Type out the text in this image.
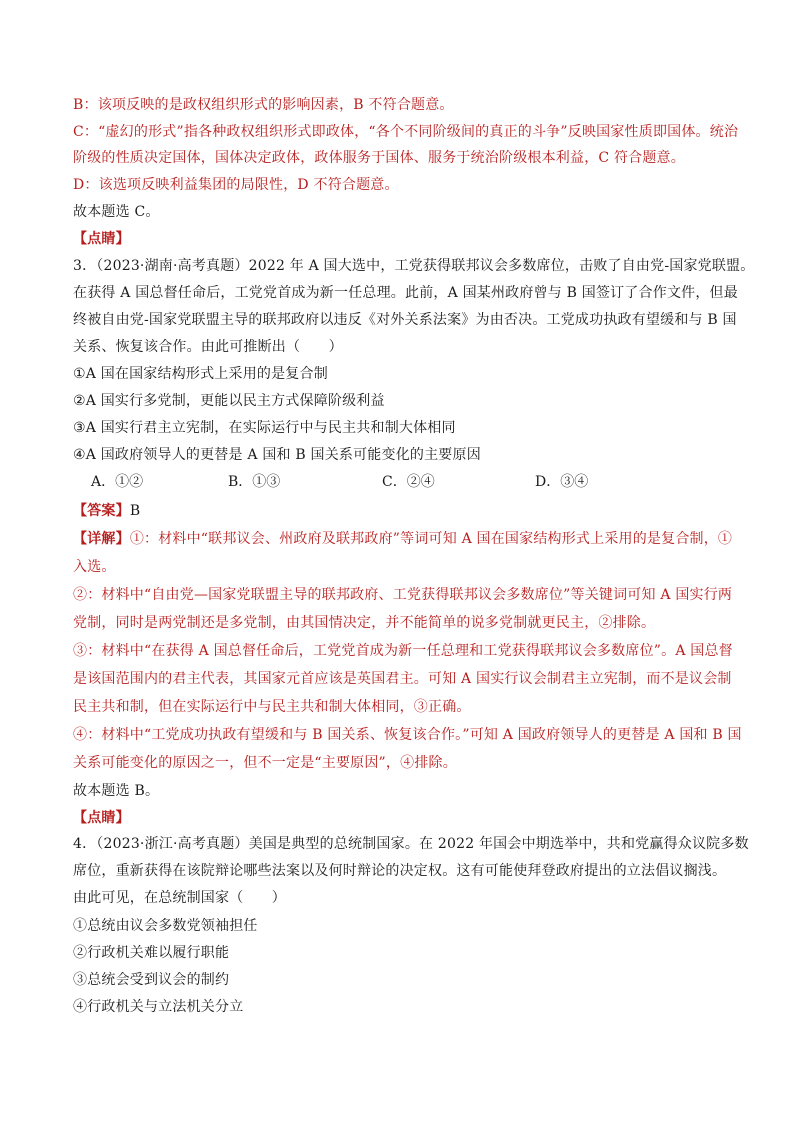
B：该项反映的是政权组织形式的影响因素，B 不符合题意。
C：“虚幻的形式”指各种政权组织形式即政体，“各个不同阶级间的真正的斗争”反映国家性质即国体。统治
阶级的性质决定国体，国体决定政体，政体服务于国体、服务于统治阶级根本利益，C 符合题意。
D：该选项反映利益集团的局限性，D 不符合题意。
故本题选 C。
【点睛】
3．（2023·湖南·高考真题）2022 年 A 国大选中，工党获得联邦议会多数席位，击败了自由党-国家党联盟。
在获得 A 国总督任命后，工党党首成为新一任总理。此前，A 国某州政府曾与 B 国签订了合作文件，但最
终被自由党-国家党联盟主导的联邦政府以违反《对外关系法案》为由否决。工党成功执政有望缓和与 B 国
关系、恢复该合作。由此可推断出（　　）
①A 国在国家结构形式上采用的是复合制
②A 国实行多党制，更能以民主方式保障阶级利益
③A 国实行君主立宪制，在实际运行中与民主共和制大体相同
④A 国政府领导人的更替是 A 国和 B 国关系可能变化的主要原因
A．①②	B．①③	C．②④	D．③④
【答案】B
【详解】①：材料中“联邦议会、州政府及联邦政府”等词可知 A 国在国家结构形式上采用的是复合制，①
入选。
②：材料中“自由党—国家党联盟主导的联邦政府、工党获得联邦议会多数席位”等关键词可知 A 国实行两
党制，同时是两党制还是多党制，由其国情决定，并不能简单的说多党制就更民主，②排除。
③：材料中“在获得 A 国总督任命后，工党党首成为新一任总理和工党获得联邦议会多数席位”。A 国总督
是该国范围内的君主代表，其国家元首应该是英国君主。可知 A 国实行议会制君主立宪制，而不是议会制
民主共和制，但在实际运行中与民主共和制大体相同，③正确。
④：材料中“工党成功执政有望缓和与 B 国关系、恢复该合作。”可知 A 国政府领导人的更替是 A 国和 B 国
关系可能变化的原因之一，但不一定是“主要原因”，④排除。
故本题选 B。
【点睛】
4．（2023·浙江·高考真题）美国是典型的总统制国家。在 2022 年国会中期选举中，共和党赢得众议院多数
席位，重新获得在该院辩论哪些法案以及何时辩论的决定权。这有可能使拜登政府提出的立法倡议搁浅。
由此可见，在总统制国家（　　）
①总统由议会多数党领袖担任
②行政机关难以履行职能
③总统会受到议会的制约
④行政机关与立法机关分立
